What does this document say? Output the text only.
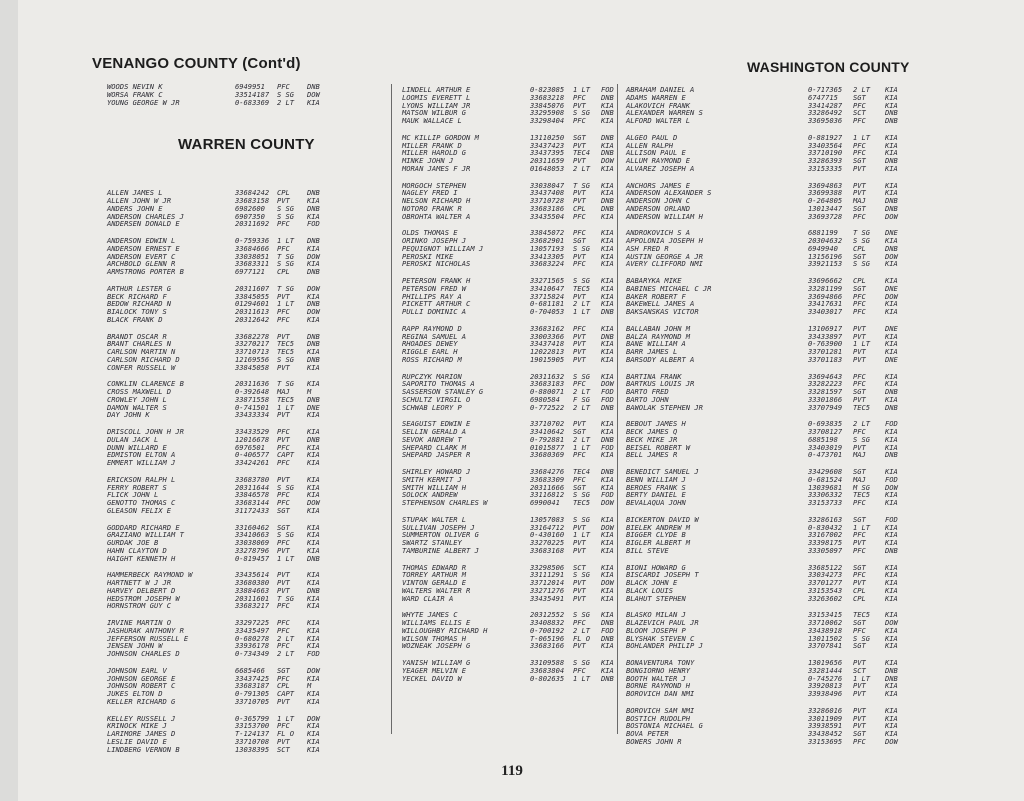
VENANGO COUNTY (Cont'd)
WARREN COUNTY
WASHINGTON COUNTY
WOODS NEVIN K	6949951 PFC DNB
WORSA FRANK C	33514187 S SG DOW
YOUNG GEORGE W JR	0-683369 2 LT KIA
ALLEN JAMES L	33684242 CPL DNB
ALLEN JOHN W JR	33683158 PVT KIA
ANDERS JOHN E	6982600 S SG DNB
ANDERSON CHARLES J	6907350 S SG KIA
ANDERSEN DONALD E	20311692 PFC FOD
ANDERSON EDWIN L	0-759336 1 LT DNB
ANDERSON ERNEST E	33684666 PFC KIA
ANDERSON EVERT C	33038051 T SG DOW
ARCHBOLD GLENN R	33683311 S SG KIA
ARMSTRONG PORTER B	6977121 CPL DNB
ARTHUR LESTER G	20311607 T SG DOW
BECK RICHARD F	33845055 PVT KIA
BEDOW RICHARD N	01294601 1 LT DNB
BIALOCK TONY S	20311613 PFC DOW
BLACK FRANK D	20312642 PFC KIA
BRANDT OSCAR R	33682278 PVT DNB
BRANT CHARLES N	33270217 TEC5 DNB
CARLSON MARTIN N	33710713 TEC5 KIA
CARLSON RICHARD D	12169556 S SG DNB
CONFER RUSSELL W	33845058 PVT KIA
CONKLIN CLARENCE B	20311636 T SG KIA
CROSS MAXWELL D	0-392648 MAJ M
CROWLEY JOHN L	33871558 TEC5 DNB
DAMON WALTER S	0-741501 1 LT DNE
DAY JOHN K	33433334 PVT KIA
DRISCOLL JOHN H JR	33433529 PFC KIA
DULAN JACK L	12016678 PVT DNB
DUNN WILLARD E	6976501 PFC KIA
EDMISTON ELTON A	0-406577 CAPT KIA
EMMERT WILLIAM J	33424261 PFC KIA
ERICKSON RALPH L	33683780 PVT KIA
FERRY ROBERT S	20311644 S SG KIA
FLICK JOHN L	33846578 PFC KIA
GENOTTO THOMAS C	33683144 PFC DOW
GLEASON FELIX E	31172433 SGT KIA
GODDARD RICHARD E	33160462 SGT KIA
GRAZIANO WILLIAM T	33410663 S SG KIA
GURDAK JOE B	33038069 PFC KIA
HAHN CLAYTON D	33278796 PVT KIA
HAIGHT KENNETH H	0-819457 1 LT DNB
HAMMERBECK RAYMOND W	33435614 PVT KIA
HARTNETT W J JR	33680380 PVT KIA
HARVEY DELBERT D	33884663 PVT DNB
HEDSTROM JOSEPH W	20311601 T SG KIA
HORNSTROM GUY C	33683217 PFC KIA
IRVINE MARTIN O	33297225 PFC KIA
JASHURAK ANTHONY R	33435497 PFC KIA
JEFFERSON RUSSELL E	0-680278 2 LT KIA
JENSEN JOHN W	33936178 PFC KIA
JOHNSON CHARLES D	0-734349 2 LT FOD
JOHNSON EARL V	6685466 SGT DOW
JOHNSON GEORGE E	33437425 PFC KIA
JOHNSON ROBERT C	33683187 CPL M
JUKES ELTON D	0-791305 CAPT KIA
KELLER RICHARD G	33710705 PVT KIA
KELLEY RUSSELL J	0-365799 1 LT DOW
KRINOCK MIKE J	33153700 PFC KIA
LARIMORE JAMES D	T-124137 FL O KIA
LESLIE DAVID E	33710708 PVT KIA
LINDBERG VERNON B	13038395 SCT KIA
LINDELL ARTHUR E	0-823085 1 LT FOD
LOOMIS EVERETT L	33683218 PFC DNB
LYONS WILLIAM JR	33845076 PVT KIA
MATSON WILBUR G	33295908 S SG DNB
MAUK WALLACE L	33298404 PFC KIA
MC KILLIP GORDON M	13110250 SGT DNB
MILLER FRANK D	33437423 PVT KIA
MILLER HAROLD G	33437395 TEC4 DNB
MINKE JOHN J	20311659 PVT DOW
MORAN JAMES F JR	01648053 2 LT KIA
MORGOCH STEPHEN	33038047 T SG KIA
NAGLEY FRED I	33437408 PVT KIA
NELSON RICHARD H	33710728 PVT DNB
NOTORO FRANK R	33683186 CPL DNB
OBROHTA WALTER A	33435504 PFC KIA
OLDS THOMAS E	33845072 PFC KIA
ORINKO JOSEPH J	33682901 SGT KIA
PEQUIGNOT WILLIAM J	13057193 S SG KIA
PEROSKI MIKE	33413305 PVT KIA
PEROSKI NICHOLAS	33683224 PFC KIA
PETERSON FRANK H	33271565 S SG KIA
PETERSON FRED W	33410647 TEC5 KIA
PHILLIPS RAY A	33715824 PVT KIA
PICKETT ARTHUR C	0-681181 2 LT KIA
PULLI DOMINIC A	0-704053 1 LT DNB
RAPP RAYMOND D	33683162 PFC KIA
REGINA SAMUEL A	33003366 PVT DNB
RHOADES DEWEY	33437418 PVT KIA
RIGGLE EARL H	12022813 PVT KIA
ROSS RICHARD M	19015905 PVT KIA
RUPCZYK MARION	20311632 S SG KIA
SAPORITO THOMAS A	33683183 PFC DOW
SASSERSON STANLEY G	0-880071 2 LT FOD
SCHULTZ VIRGIL O	6980584 F SG FOD
SCHWAB LEORY P	0-772522 2 LT DNB
SEAGUIST EDWIN E	33710702 PVT KIA
SELLIN GERALD A	33410642 SGT KIA
SEVOK ANDREW T	0-792881 2 LT DNB
SHEPARD CLARK M	01015877 1 LT FOD
SHEPARD JASPER R	33680369 PFC KIA
SHIRLEY HOWARD J	33684276 TEC4 DNB
SMITH KERMIT J	33683309 PFC KIA
SMITH WILLIAM H	20311666 SGT KIA
SOLOCK ANDREW	33116812 S SG FOD
STEPHENSON CHARLES W	6990041 TEC5 DOW
STUPAK WALTER L	13057083 S SG KIA
SULLIVAN JOSEPH J	33164712 PVT DOW
SUMMERTON OLIVER G	0-430160 1 LT KIA
SWARTZ STANLEY	33270225 PVT KIA
TAMBURINE ALBERT J	33683168 PVT KIA
THOMAS EDWARD R	33298506 SCT KIA
TORREY ARTHUR M	33111291 S SG KIA
VINTON GERALD E	33712014 PVT DOW
WALTERS WALTER R	33271276 PVT KIA
WARD CLAIR A	33435491 PVT KIA
WHYTE JAMES C	20312552 S SG KIA
WILLIAMS ELLIS E	33408832 PFC DNB
WILLOUGHBY RICHARD H	0-700192 2 LT FOD
WILSON THOMAS H	T-065196 FL O DNB
WOZNEAK JOSEPH G	33683166 PVT KIA
YANISH WILLIAM G	33109588 S SG KIA
YEAGER MELVIN E	33683804 PFC KIA
YECKEL DAVID W	0-802635 1 LT DNB
ABRAHAM DANIEL A	0-717365 2 LT KIA
ADAMS WARREN E	6747715 SGT	KIA
ALAKOVICH FRANK	33414287 PFC	KIA
ALEXANDER WARREN S	33286492 SCT	DNB
ALFORD WALTER L	33695036 PFC	DNB
ALGEO PAUL D	0-881927 1 LT KIA
ALLEN RALPH	33403564 PFC	KIA
ALLISON PAUL E	33710190 PFC	KIA
ALLUM RAYMOND E	33286393 SGT	DNB
ALVAREZ JOSEPH A	33153335 PVT	KIA
ANCHORS JAMES E	33694863 PVT	KIA
ANDERSON ALEXANDER S	33699388 PVT	KIA
ANDERSON JOHN C	0-264805 MAJ	DNB
ANDERSON ORLAND	13013447 SGT	DNB
ANDERSON WILLIAM H	33693728 PFC	DOW
ANDROKOVICH S A	6881199 T SG DNE
APPOLONIA JOSEPH H	20304632 S SG KIA
ASH FRED R	6949940 CPL	DNB
AUSTIN GEORGE A JR	13156196 SGT	DOW
AVERY CLIFFORD NMI	33921153 S SG KIA
BABARYKA MIKE	33696662 CPL	KIA
BABINES MICHAEL C JR	33281199 SGT	DNE
BAKER ROBERT F	33694866 PFC	DOW
BAKEWELL JAMES A	33417631 PFC	KIA
BAKSANSKAS VICTOR	33403017 PFC	KIA
BALLABAN JOHN M	13106917 PVT	DNE
BALZA RAYMOND M	33433897 PVT	KIA
BANE WILLIAM A	0-763900 1 LT KIA
BARR JAMES L	33701281 PVT	KIA
BARSODY ALBERT A	33701183 PVT	DNE
BARTINA FRANK	33694643 PFC	KIA
BARTKUS LOUIS JR	33282223 PFC	KIA
BARTO FRED	33281597 SGT	DNB
BARTO JOHN	33301866 PVT	KIA
BAWOLAK STEPHEN JR	33707949 TEC5 DNB
BEBOUT JAMES H	0-693835 2 LT FOD
BECK JAMES Q	33708127 PFC	KIA
BECK MIKE JR	6885198 S SG KIA
BEISEL ROBERT W	33403019 PVT	KIA
BELL JAMES R	0-473701 MAJ	DNB
BENEDICT SAMUEL J	33429608 SGT	KIA
BENN WILLIAM J	0-681524 MAJ	FOD
BEROES FRANK S	13039681 M SG DOW
BERTY DANIEL E	33306332 TEC5 KIA
BEVALAQUA JOHN	33153733 PFC	KIA
BICKERTON DAVID W	33286163 SGT	FOD
BIELEK ANDREW M	0-830432 1 LT KIA
BIGGER CLYDE B	33167002 PFC	KIA
BIGLER ALBERT M	33398175 PVT	KIA
BILL STEVE	33305097 PFC	DNB
BIONI HOWARD G	33685122 SGT	KIA
BISCARDI JOSEPH T	33034273 PFC	KIA
BLACK JOHN E	33701277 PVT	KIA
BLACK LOUIS	33153543 CPL	KIA
BLAHUT STEPHEN	33263602 CPL	KIA
BLASKO MILAN J	33153415 TEC5 KIA
BLAZEVICH PAUL JR	33710062 SGT	DOW
BLOOM JOSEPH P	33438918 PFC	KIA
BLYSHAK STEVEN C	13011502 S SG KIA
BOHLANDER PHILIP J	33707841 SGT	KIA
BONAVENTURA TONY	13019656 PVT	KIA
BONGIORNO HENRY	33281444 SCT	DNB
BOOTH WALTER J	0-745276 1 LT DNB
BORNE RAYMOND H	33920813 PVT	KIA
BOROVICH DAN NMI	33938496 PVT	KIA
BOROVICH SAM NMI	33286016 PVT	KIA
BOSTICH RUDOLPH	33011909 PVT	KIA
BOSTONIA MICHAEL G	33938591 PVT	KIA
BOVA PETER	33438452 SGT	KIA
BOWERS JOHN R	33153695 PFC	DOW
119
